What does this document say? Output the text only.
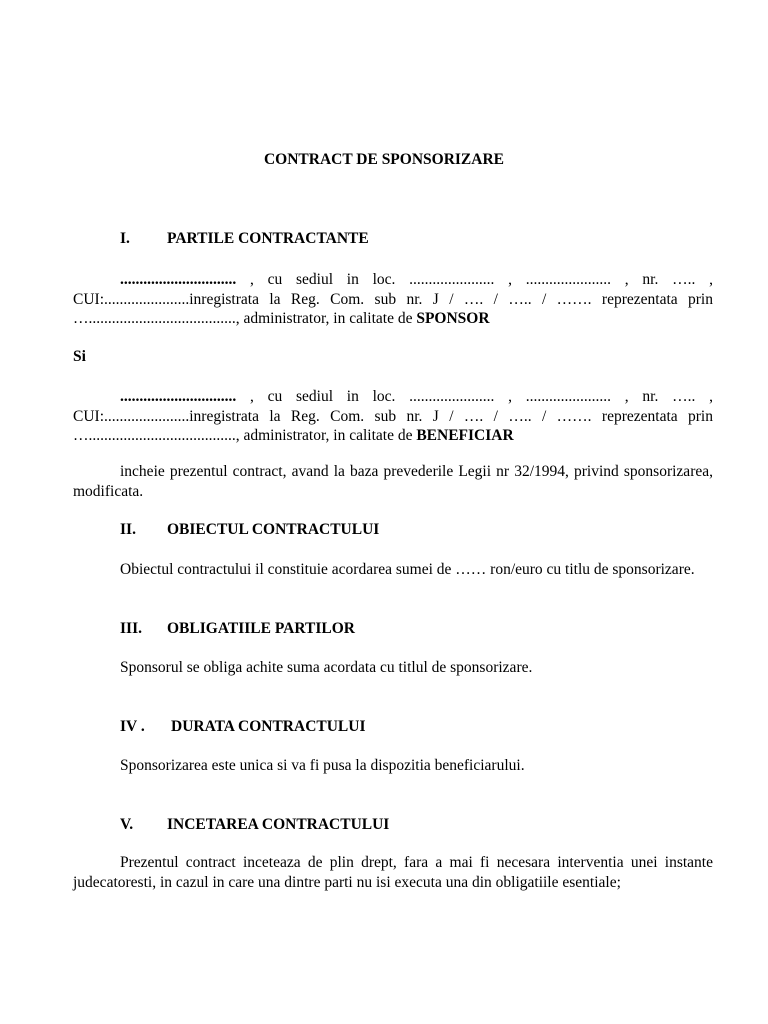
CONTRACT DE SPONSORIZARE
I. PARTILE CONTRACTANTE
.............................. , cu sediul in loc. ...................... , ...................... , nr. ….. , CUI:......................inregistrata la Reg. Com. sub nr. J / …. / ….. / ……. reprezentata prin …......................................, administrator, in calitate de SPONSOR
Si
.............................. , cu sediul in loc. ...................... , ...................... , nr. ….. , CUI:......................inregistrata la Reg. Com. sub nr. J / …. / ….. / ……. reprezentata prin …......................................, administrator, in calitate de BENEFICIAR
incheie prezentul contract, avand la baza prevederile Legii nr 32/1994, privind sponsorizarea, modificata.
II. OBIECTUL CONTRACTULUI
Obiectul contractului il constituie acordarea sumei de …… ron/euro cu titlu de sponsorizare.
III. OBLIGATIILE PARTILOR
Sponsorul se obliga achite suma acordata cu titlul de sponsorizare.
IV . DURATA CONTRACTULUI
Sponsorizarea este unica si va fi pusa la dispozitia beneficiarului.
V. INCETAREA CONTRACTULUI
Prezentul contract inceteaza de plin drept, fara a mai fi necesara interventia unei instante judecatoresti, in cazul in care una dintre parti nu isi executa una din obligatiile esentiale;
